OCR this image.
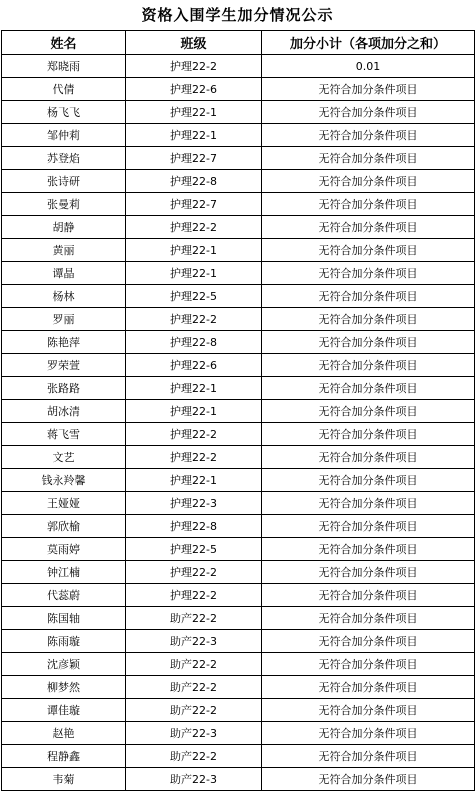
资格入围学生加分情况公示
姓名	班级	加分小计（各项加分之和）
郑晓雨	护理22-2	0.01
代倩	护理22-6	无符合加分条件项目
杨飞飞	护理22-1	无符合加分条件项目
邹仲莉	护理22-1	无符合加分条件项目
苏登焰	护理22-7	无符合加分条件项目
张诗研	护理22-8	无符合加分条件项目
张曼莉	护理22-7	无符合加分条件项目
胡静	护理22-2	无符合加分条件项目
黄丽	护理22-1	无符合加分条件项目
谭晶	护理22-1	无符合加分条件项目
杨林	护理22-5	无符合加分条件项目
罗丽	护理22-2	无符合加分条件项目
陈艳萍	护理22-8	无符合加分条件项目
罗荣萱	护理22-6	无符合加分条件项目
张路路	护理22-1	无符合加分条件项目
胡冰清	护理22-1	无符合加分条件项目
蒋飞雪	护理22-2	无符合加分条件项目
文艺	护理22-2	无符合加分条件项目
钱永羚馨	护理22-1	无符合加分条件项目
王娅娅	护理22-3	无符合加分条件项目
郭欣榆	护理22-8	无符合加分条件项目
莫雨婷	护理22-5	无符合加分条件项目
钟江楠	护理22-2	无符合加分条件项目
代蕊蔚	护理22-2	无符合加分条件项目
陈国轴	助产22-2	无符合加分条件项目
陈雨璇	助产22-3	无符合加分条件项目
沈彦颖	助产22-2	无符合加分条件项目
柳梦然	助产22-2	无符合加分条件项目
谭佳璇	助产22-2	无符合加分条件项目
赵艳	助产22-3	无符合加分条件项目
程静鑫	助产22-2	无符合加分条件项目
韦菊	助产22-3	无符合加分条件项目
